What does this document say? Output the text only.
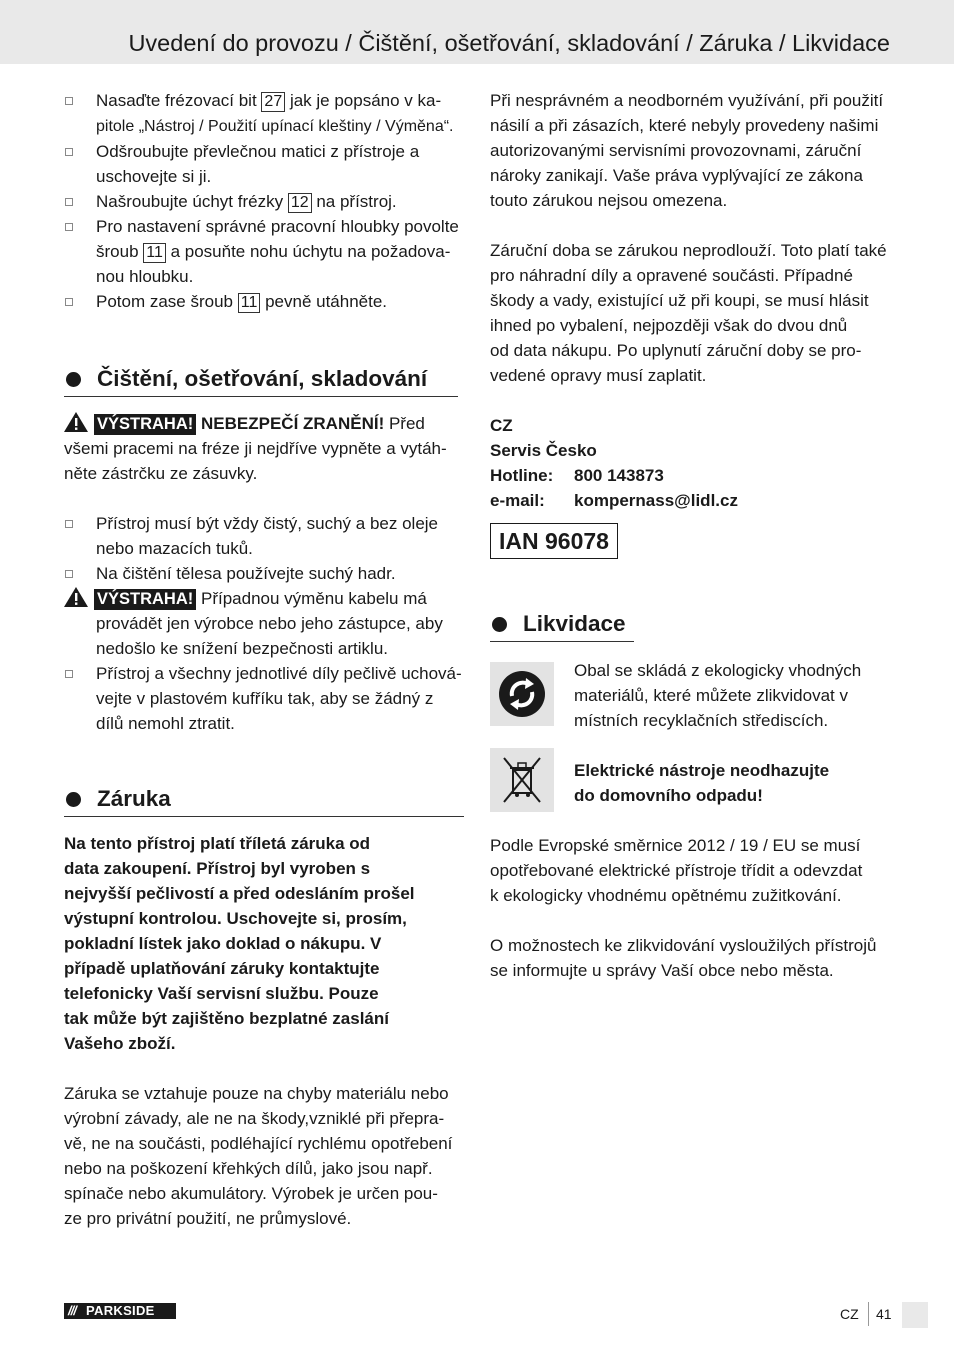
Uvedení do provozu / Čištění, ošetřování, skladování / Záruka / Likvidace
Nasaďte frézovací bit 27 jak je popsáno v ka-
pitole „Nástroj / Použití upínací kleštiny / Výměna“.
Odšroubujte převlečnou matici z přístroje a
uschovejte si ji.
Našroubujte úchyt frézky 12 na přístroj.
Pro nastavení správné pracovní hloubky povolte
šroub 11 a posuňte nohu úchytu na požadova-
nou hloubku.
Potom zase šroub 11 pevně utáhněte.
Čištění, ošetřování, skladování
VÝSTRAHA! NEBEZPEČÍ ZRANĚNÍ! Před
všemi pracemi na fréze ji nejdříve vypněte a vytáh-
něte zástrčku ze zásuvky.
Přístroj musí být vždy čistý, suchý a bez oleje
nebo mazacích tuků.
Na čištění tělesa používejte suchý hadr.
VÝSTRAHA! Případnou výměnu kabelu má
provádět jen výrobce nebo jeho zástupce, aby
nedošlo ke snížení bezpečnosti artiklu.
Přístroj a všechny jednotlivé díly pečlivě uchová-
vejte v plastovém kufříku tak, aby se žádný z
dílů nemohl ztratit.
Záruka
Na tento přístroj platí tříletá záruka od
data zakoupení. Přístroj byl vyroben s
nejvyšší pečlivostí a před odesláním prošel
výstupní kontrolou. Uschovejte si, prosím,
pokladní lístek jako doklad o nákupu. V
případě uplatňování záruky kontaktujte
telefonicky Vaší servisní službu. Pouze
tak může být zajištěno bezplatné zaslání
Vašeho zboží.
Záruka se vztahuje pouze na chyby materiálu nebo
výrobní závady, ale ne na škody,vzniklé při přepra-
vě, ne na součásti, podléhající rychlému opotřebení
nebo na poškození křehkých dílů, jako jsou např.
spínače nebo akumulátory. Výrobek je určen pou-
ze pro privátní použití, ne průmyslové.
Při nesprávném a neodborném využívání, při použití
násilí a při zásazích, které nebyly provedeny našimi
autorizovanými servisními provozovnami, záruční
nároky zanikají. Vaše práva vyplývající ze zákona
touto zárukou nejsou omezena.
Záruční doba se zárukou neprodlouží. Toto platí také
pro náhradní díly a opravené součásti. Případné
škody a vady, existující už při koupi, se musí hlásit
ihned po vybalení, nejpozději však do dvou dnů
od data nákupu. Po uplynutí záruční doby se pro-
vedené opravy musí zaplatit.
CZ	
Servis Česko	
Hotline:	800 143873
e-mail:	kompernass@lidl.cz
IAN 96078
Likvidace
Obal se skládá z ekologicky vhodných
materiálů, které můžete zlikvidovat v
místních recyklačních střediscích.
Elektrické nástroje neodhazujte
do domovního odpadu!
Podle Evropské směrnice 2012 / 19 / EU se musí
opotřebované elektrické přístroje třídit a odevzdat
k ekologicky vhodnému opětnému zužitkování.
O možnostech ke zlikvidování vysloužilých přístrojů
se informujte u správy Vaší obce nebo města.
/// PARKSIDE	CZ 41
